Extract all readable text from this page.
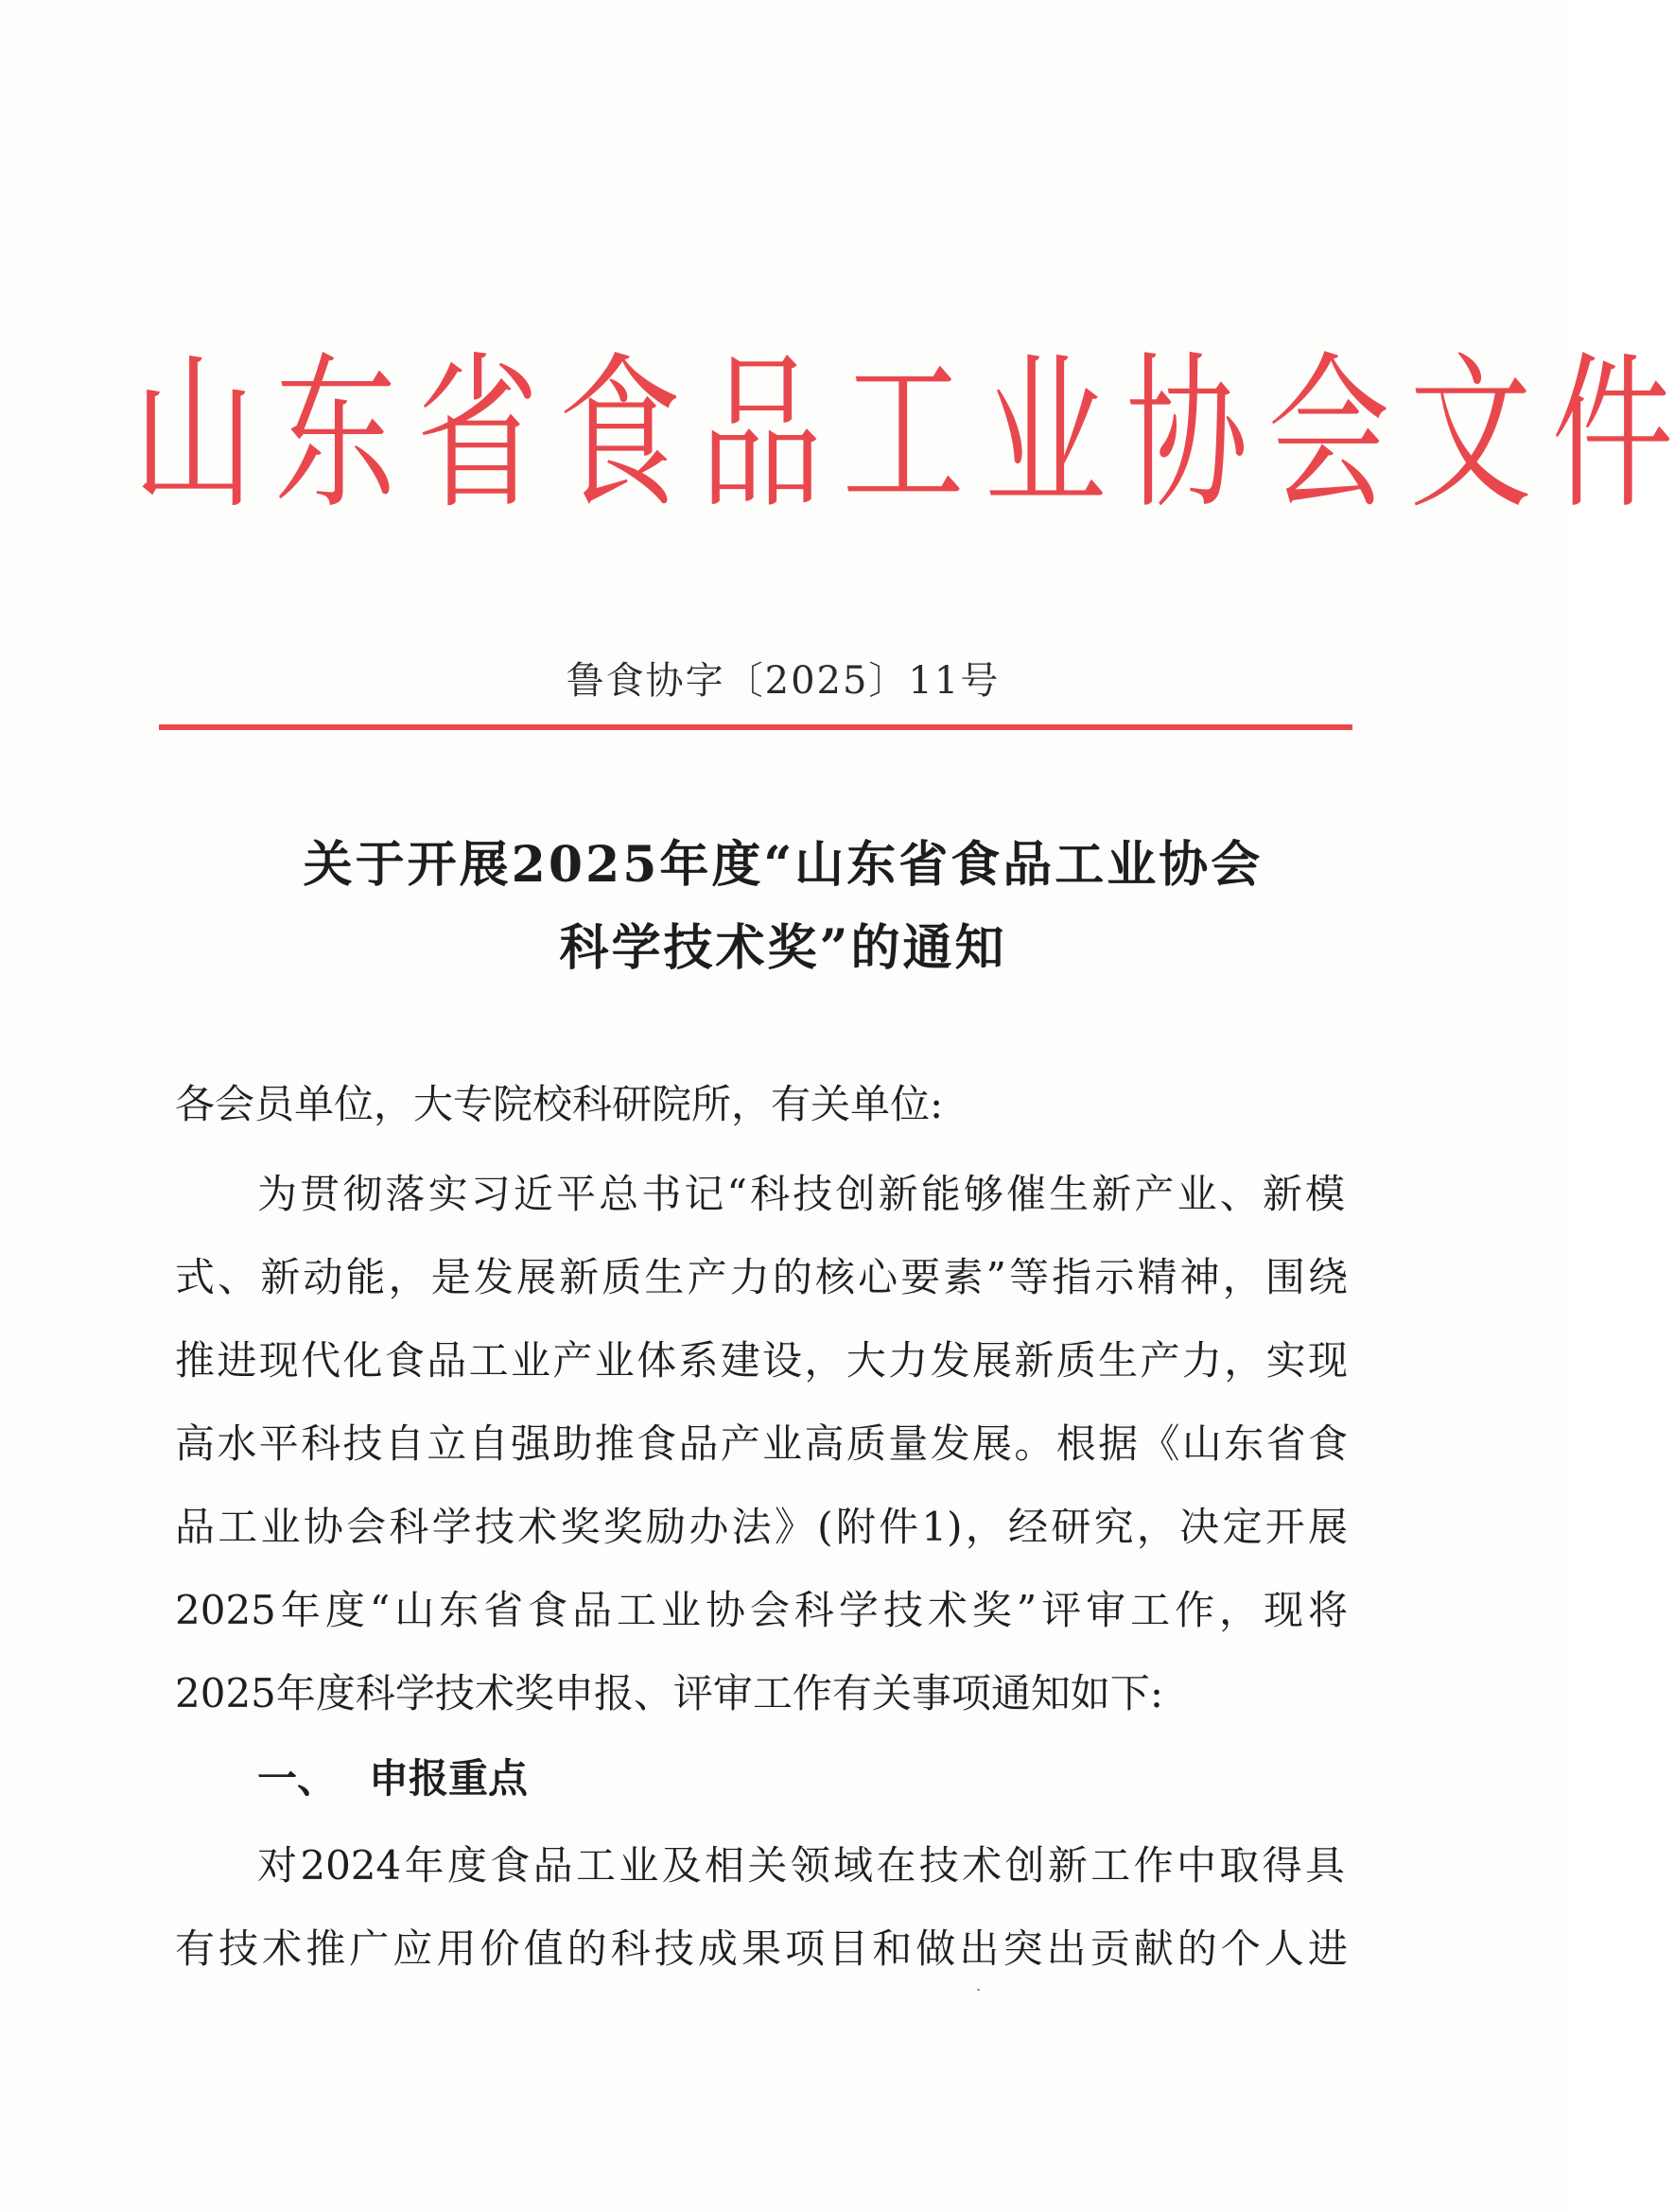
山 东 省 食 品 工 业 协 会 文 件
鲁食协字〔2025〕11号
关于开展2025年度“山东省食品工业协会
科学技术奖”的通知
各会员单位，大专院校科研院所，有关单位:
为贯彻落实习近平总书记“科技创新能够催生新产业、新模
式、新动能，是发展新质生产力的核心要素”等指示精神，围绕
推进现代化食品工业产业体系建设，大力发展新质生产力，实现
高水平科技自立自强助推食品产业高质量发展。根据《山东省食
品工业协会科学技术奖奖励办法》(附件1)，经研究，决定开展
2025年度“山东省食品工业协会科学技术奖”评审工作，现将
2025年度科学技术奖申报、评审工作有关事项通知如下:
一、 申报重点
对2024年度食品工业及相关领域在技术创新工作中取得具
有技术推广应用价值的科技成果项目和做出突出贡献的个人进
